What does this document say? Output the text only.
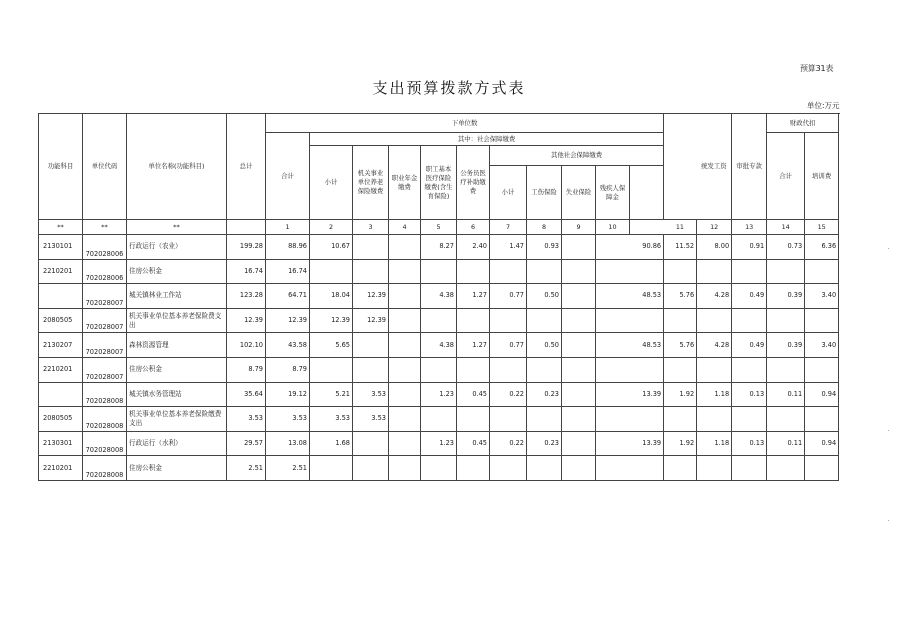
预算31表
支出预算拨款方式表
单位:万元
功能科目	单位代码	单位名称(功能科目)	总计	下单位数												统发工资	审批专款	财政代扣		
				合计	其中：社会保障缴费													合计	培训费		
					小计	机关事业单位养老保险缴费	职业年金缴费	职工基本医疗保险缴费(含生育保险)	公务员医疗补助缴费	其他社会保障缴费										
										小计	工伤保险	失业保险	残疾人保障金							
**	**	**		1	2	3	4	5	6	7	8	9	10		11	12	13	14	15	
2130101	702028006	行政运行（农业）	199.28	88.96	10.67			8.27	2.40	1.47	0.93			90.86	11.52	8.00	0.91	0.73	6.36	
2210201	702028006	住房公积金	16.74	16.74																
	702028007	城关镇林业工作站	123.28	64.71	18.04	12.39		4.38	1.27	0.77	0.50			48.53	5.76	4.28	0.49	0.39	3.40	
2080505	702028007	机关事业单位基本养老保险费支出	12.39	12.39	12.39	12.39														
2130207	702028007	森林资源管理	102.10	43.58	5.65			4.38	1.27	0.77	0.50			48.53	5.76	4.28	0.49	0.39	3.40	
2210201	702028007	住房公积金	8.79	8.79																
	702028008	城关镇水务管理站	35.64	19.12	5.21	3.53		1.23	0.45	0.22	0.23			13.39	1.92	1.18	0.13	0.11	0.94	
2080505	702028008	机关事业单位基本养老保险缴费支出	3.53	3.53	3.53	3.53														
2130301	702028008	行政运行（水利）	29.57	13.08	1.68			1.23	0.45	0.22	0.23			13.39	1.92	1.18	0.13	0.11	0.94	
2210201	702028008	住房公积金	2.51	2.51																
